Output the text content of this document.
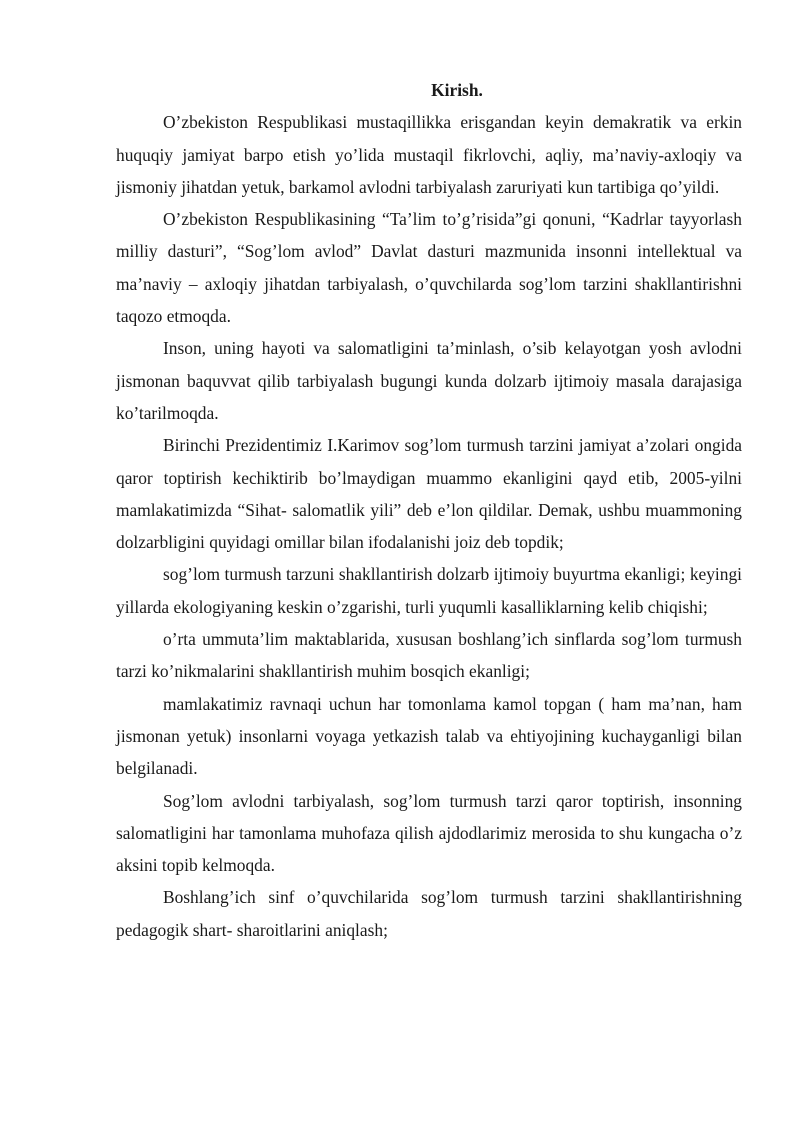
Kirish.

O’zbekiston Respublikasi mustaqillikka erisgandan keyin demakratik va erkin huquqiy jamiyat barpo etish yo’lida mustaqil fikrlovchi, aqliy, ma’naviy-axloqiy va jismoniy jihatdan yetuk, barkamol avlodni tarbiyalash zaruriyati kun tartibiga qo’yildi.

O’zbekiston Respublikasining “Ta’lim to’g’risida”gi qonuni, “Kadrlar tayyorlash milliy dasturi”, “Sog’lom avlod” Davlat dasturi mazmunida insonni intellektual va ma’naviy – axloqiy jihatdan tarbiyalash, o’quvchilarda sog’lom tarzini shakllantirishni taqozo etmoqda.

Inson, uning hayoti va salomatligini ta’minlash, o’sib kelayotgan yosh avlodni jismonan baquvvat qilib tarbiyalash bugungi kunda dolzarb ijtimoiy masala darajasiga ko’tarilmoqda.

Birinchi Prezidentimiz I.Karimov sog’lom turmush tarzini jamiyat a’zolari ongida qaror toptirish kechiktirib bo’lmaydigan muammo ekanligini qayd etib, 2005-yilni mamlakatimizda “Sihat- salomatlik yili” deb e’lon qildilar. Demak, ushbu muammoning dolzarbligini quyidagi omillar bilan ifodalanishi joiz deb topdik;

sog’lom turmush tarzuni shakllantirish dolzarb ijtimoiy buyurtma ekanligi; keyingi yillarda ekologiyaning keskin o’zgarishi, turli yuqumli kasalliklarning kelib chiqishi;

o’rta ummuta’lim maktablarida, xususan boshlang’ich sinflarda sog’lom turmush tarzi ko’nikmalarini shakllantirish muhim bosqich ekanligi;

mamlakatimiz ravnaqi uchun har tomonlama kamol topgan ( ham ma’nan, ham jismonan yetuk) insonlarni voyaga yetkazish talab va ehtiyojining kuchayganligi bilan belgilanadi.

Sog’lom avlodni tarbiyalash, sog’lom turmush tarzi qaror toptirish, insonning salomatligini har tamonlama muhofaza qilish ajdodlarimiz merosida to shu kungacha o’z aksini topib kelmoqda.

Boshlang’ich sinf o’quvchilarida sog’lom turmush tarzini shakllantirishning pedagogik shart- sharoitlarini aniqlash;
